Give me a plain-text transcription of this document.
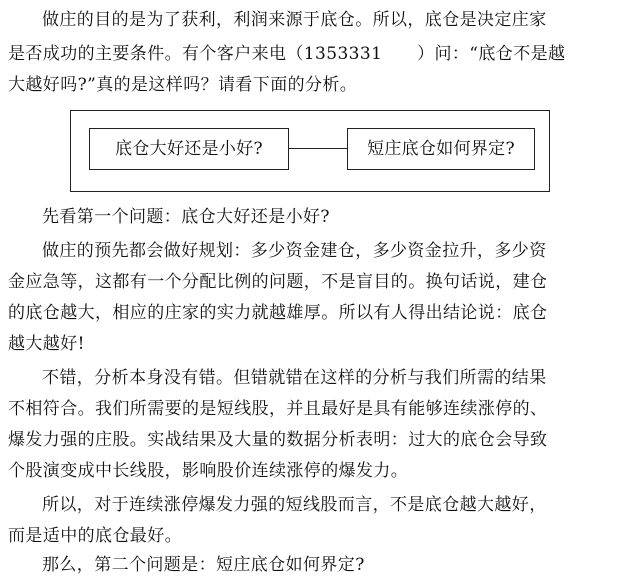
做庄的目的是为了获利，利润来源于底仓。所以，底仓是决定庄家
是否成功的主要条件。有个客户来电（1353331　　）问：“底仓不是越
大越好吗?”真的是这样吗？请看下面的分析。
底仓大好还是小好?	短庄底仓如何界定?
先看第一个问题：底仓大好还是小好?
做庄的预先都会做好规划：多少资金建仓，多少资金拉升，多少资
金应急等，这都有一个分配比例的问题，不是盲目的。换句话说，建仓
的底仓越大，相应的庄家的实力就越雄厚。所以有人得出结论说：底仓
越大越好!
不错，分析本身没有错。但错就错在这样的分析与我们所需的结果
不相符合。我们所需要的是短线股，并且最好是具有能够连续涨停的、
爆发力强的庄股。实战结果及大量的数据分析表明：过大的底仓会导致
个股演变成中长线股，影响股价连续涨停的爆发力。
所以，对于连续涨停爆发力强的短线股而言，不是底仓越大越好，
而是适中的底仓最好。
那么，第二个问题是：短庄底仓如何界定?
